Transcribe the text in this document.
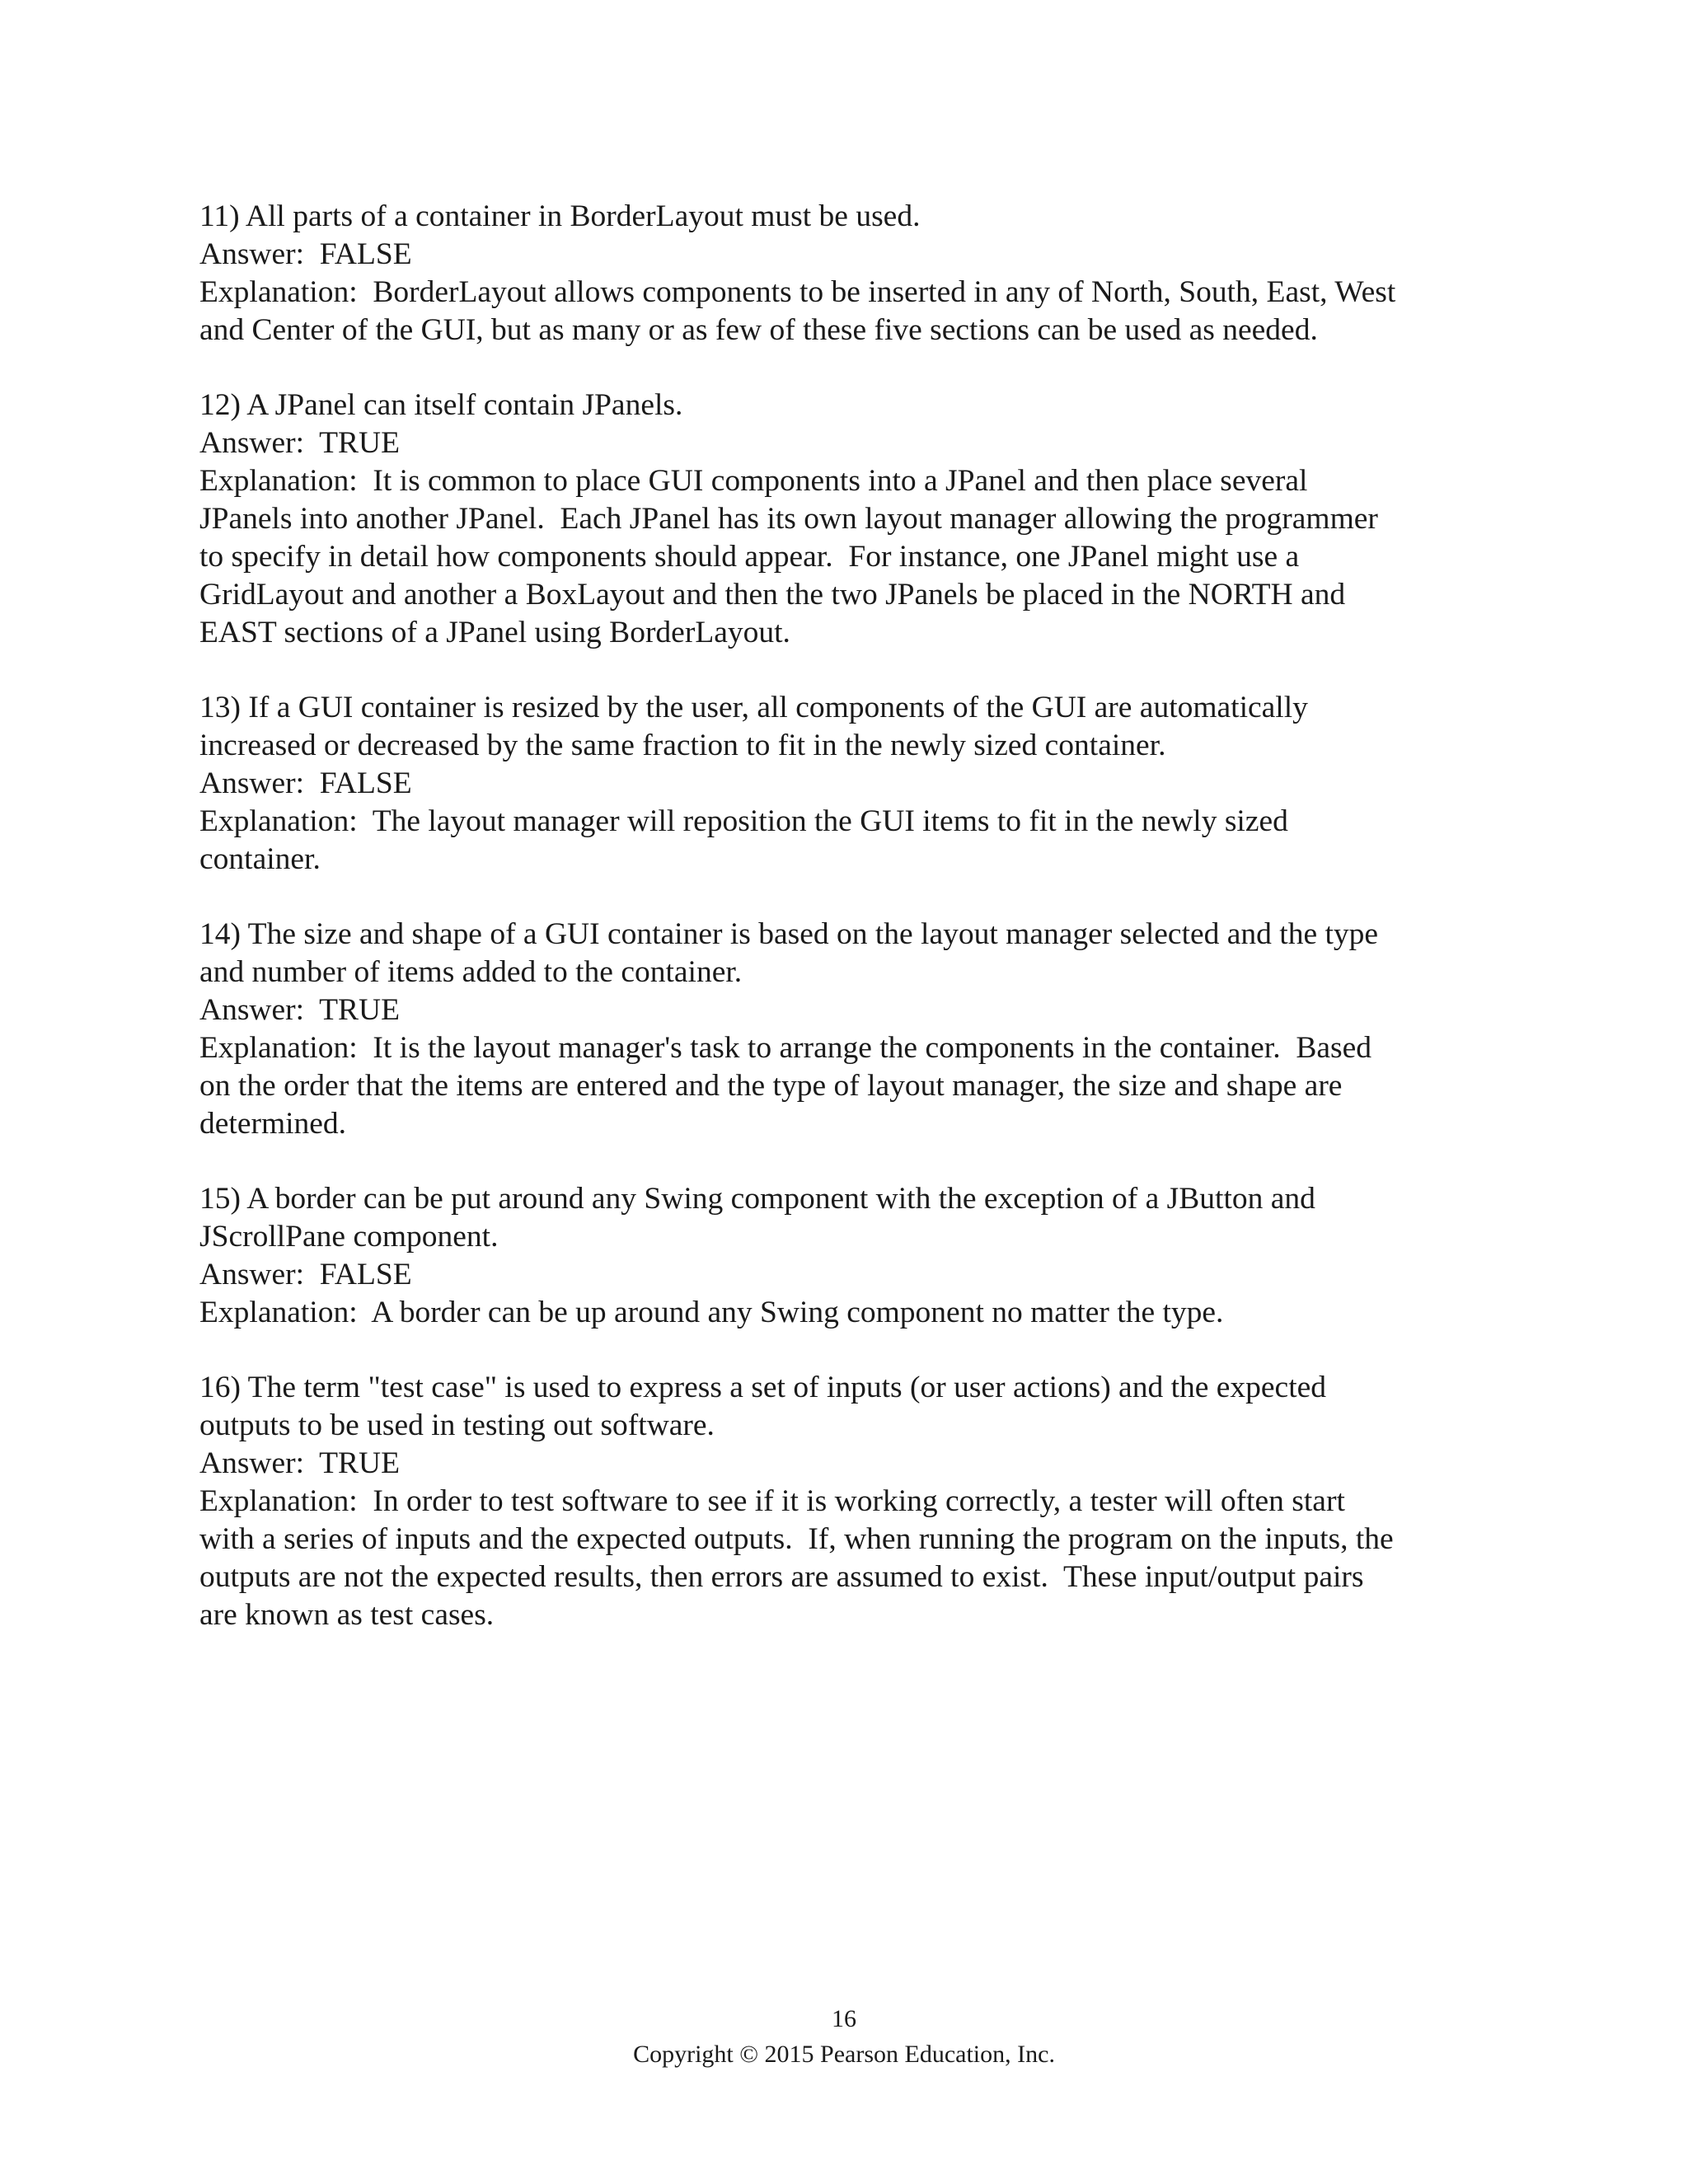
11) All parts of a container in BorderLayout must be used.
Answer:  FALSE
Explanation:  BorderLayout allows components to be inserted in any of North, South, East, West
and Center of the GUI, but as many or as few of these five sections can be used as needed.
12) A JPanel can itself contain JPanels.
Answer:  TRUE
Explanation:  It is common to place GUI components into a JPanel and then place several
JPanels into another JPanel.  Each JPanel has its own layout manager allowing the programmer
to specify in detail how components should appear.  For instance, one JPanel might use a
GridLayout and another a BoxLayout and then the two JPanels be placed in the NORTH and
EAST sections of a JPanel using BorderLayout.
13) If a GUI container is resized by the user, all components of the GUI are automatically
increased or decreased by the same fraction to fit in the newly sized container.
Answer:  FALSE
Explanation:  The layout manager will reposition the GUI items to fit in the newly sized
container.
14) The size and shape of a GUI container is based on the layout manager selected and the type
and number of items added to the container.
Answer:  TRUE
Explanation:  It is the layout manager's task to arrange the components in the container.  Based
on the order that the items are entered and the type of layout manager, the size and shape are
determined.
15) A border can be put around any Swing component with the exception of a JButton and
JScrollPane component.
Answer:  FALSE
Explanation:  A border can be up around any Swing component no matter the type.
16) The term "test case" is used to express a set of inputs (or user actions) and the expected
outputs to be used in testing out software.
Answer:  TRUE
Explanation:  In order to test software to see if it is working correctly, a tester will often start
with a series of inputs and the expected outputs.  If, when running the program on the inputs, the
outputs are not the expected results, then errors are assumed to exist.  These input/output pairs
are known as test cases.
16
Copyright © 2015 Pearson Education, Inc.
